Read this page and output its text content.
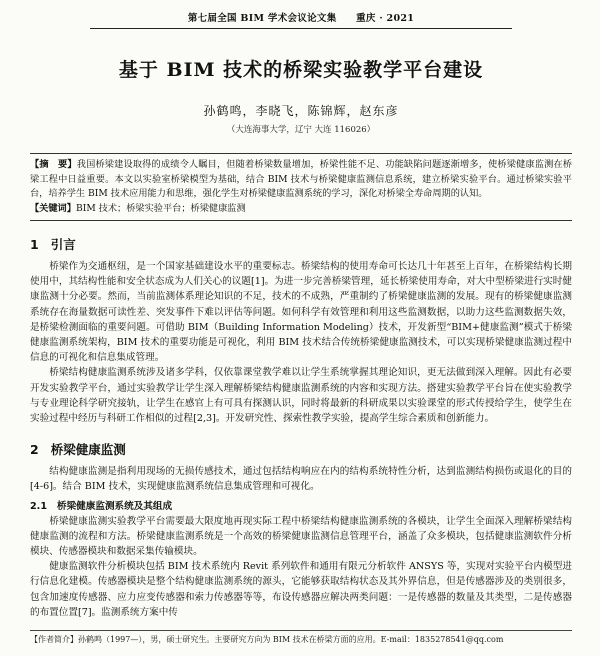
第七届全国 BIM 学术会议论文集　　重庆 · 2021
基于 BIM 技术的桥梁实验教学平台建设
孙鹤鸣，李晓飞，陈锦辉，赵东彦
（大连海事大学，辽宁 大连 116026）
【摘　要】我国桥梁建设取得的成绩令人瞩目，但随着桥梁数量增加，桥梁性能不足、功能缺陷问题逐渐增多，使桥梁健康监测在桥梁工程中日益重要。本文以实验室桥梁模型为基础，结合 BIM 技术与桥梁健康监测信息系统，建立桥梁实验平台。通过桥梁实验平台，培养学生 BIM 技术应用能力和思维，强化学生对桥梁健康监测系统的学习，深化对桥梁全寿命周期的认知。
【关键词】BIM 技术；桥梁实验平台；桥梁健康监测
1 引言

桥梁作为交通枢纽，是一个国家基础建设水平的重要标志。桥梁结构的使用寿命可长达几十年甚至上百年，在桥梁结构长期使用中，其结构性能和安全状态成为人们关心的议题[1]。为进一步完善桥梁管理，延长桥梁使用寿命，对大中型桥梁进行实时健康监测十分必要。然而，当前监测体系理论知识的不足，技术的不成熟，严重制约了桥梁健康监测的发展。现有的桥梁健康监测系统存在海量数据可读性差、突发事件下难以评估等问题。如何科学有效管理和利用这些监测数据，以助力这些监测数据失效，是桥梁检测面临的重要问题。可借助 BIM（Building Information Modeling）技术，开发新型“BIM+健康监测”模式于桥梁健康监测系统架构，BIM 技术的重要功能是可视化，利用 BIM 技术结合传统桥梁健康监测技术，可以实现桥梁健康监测过程中信息的可视化和信息集成管理。

桥梁结构健康监测系统涉及诸多学科，仅依靠课堂教学难以让学生系统掌握其理论知识，更无法做到深入理解。因此有必要开发实验教学平台，通过实验教学让学生深入理解桥梁结构健康监测系统的内容和实现方法。搭建实验教学平台旨在使实验教学与专业理论科学研究接轨，让学生在感官上有可具有探测认识，同时将最新的科研成果以实验课堂的形式传授给学生，使学生在实验过程中经历与科研工作相似的过程[2,3]。开发研究性、探索性教学实验，提高学生综合素质和创新能力。

2 桥梁健康监测

结构健康监测是指利用现场的无损传感技术，通过包括结构响应在内的结构系统特性分析，达到监测结构损伤或退化的目的[4-6]。结合 BIM 技术，实现健康监测系统信息集成管理和可视化。

2.1 桥梁健康监测系统及其组成

桥梁健康监测实验教学平台需要最大限度地再现实际工程中桥梁结构健康监测系统的各模块，让学生全面深入理解桥梁结构健康监测的流程和方法。桥梁健康监测系统是一个高效的桥梁健康监测信息管理平台，涵盖了众多模块，包括健康监测软件分析模块、传感器模块和数据采集传输模块。

健康监测软件分析模块包括 BIM 技术系统内 Revit 系列软件和通用有限元分析软件 ANSYS 等，实现对实验平台内模型进行信息化建模。传感器模块是整个结构健康监测系统的源头，它能够获取结构状态及其外界信息，但是传感器涉及的类别很多，包含加速度传感器、应力应变传感器和索力传感器等等，布设传感器应解决两类问题：一是传感器的数量及其类型，二是传感器的布置位置[7]。监测系统方案中传

【作者简介】孙鹤鸣（1997—），男，硕士研究生。主要研究方向为 BIM 技术在桥梁方面的应用。E-mail：1835278541@qq.com
